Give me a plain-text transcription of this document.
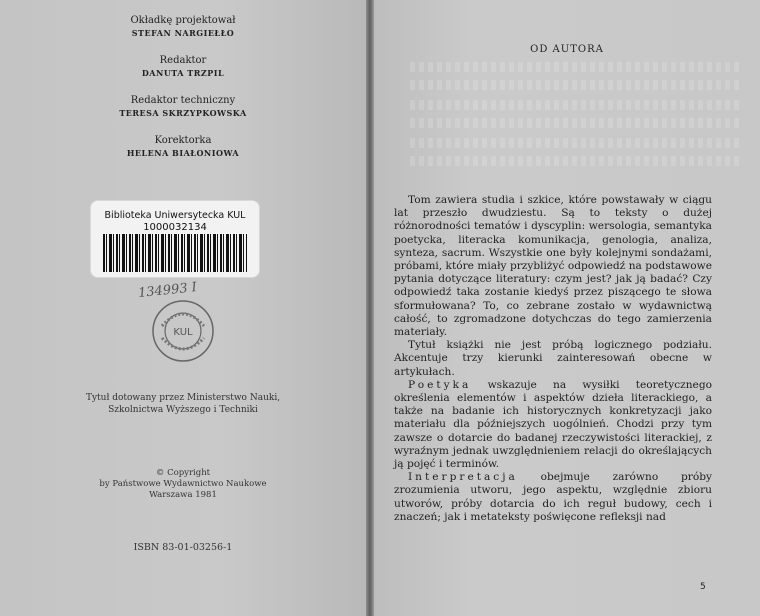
Okładkę projektował
STEFAN NARGIEŁŁO
Redaktor
DANUTA TRZPIL
Redaktor techniczny
TERESA SKRZYPKOWSKA
Korektorka
HELENA BIAŁONIOWA
Biblioteka Uniwersytecka KUL
1000032134
134993 I
KUL
Tytuł dotowany przez Ministerstwo Nauki,
Szkolnictwa Wyższego i Techniki
© Copyright
by Państwowe Wydawnictwo Naukowe
Warszawa 1981
ISBN 83-01-03256-1
OD AUTORA

Tom zawiera studia i szkice, które powstawały w ciągu lat przeszło dwudziestu. Są to teksty o dużej różnorodności tematów i dyscyplin: wersologia, semantyka poetycka, literacka komunikacja, genologia, analiza, synteza, sacrum. Wszystkie one były kolejnymi sondażami, próbami, które miały przybliżyć odpowiedź na podstawowe pytania dotyczące literatury: czym jest? jak ją badać? Czy odpowiedź taka zostanie kiedyś przez piszącego te słowa sformułowana? To, co zebrane zostało w wydawnictwą całość, to zgromadzone dotychczas do tego zamierzenia materiały.

Tytuł książki nie jest próbą logicznego podziału. Akcentuje trzy kierunki zainteresowań obecne w artykułach.

Poetyka wskazuje na wysiłki teoretycznego określenia elementów i aspektów dzieła literackiego, a także na badanie ich historycznych konkretyzacji jako materiału dla późniejszych uogólnień. Chodzi przy tym zawsze o dotarcie do badanej rzeczywistości literackiej, z wyraźnym jednak uwzględnieniem relacji do określających ją pojęć i terminów.

Interpretacja obejmuje zarówno próby zrozumienia utworu, jego aspektu, względnie zbioru utworów, próby dotarcia do ich reguł budowy, cech i znaczeń; jak i metateksty poświęcone refleksji nad

5
